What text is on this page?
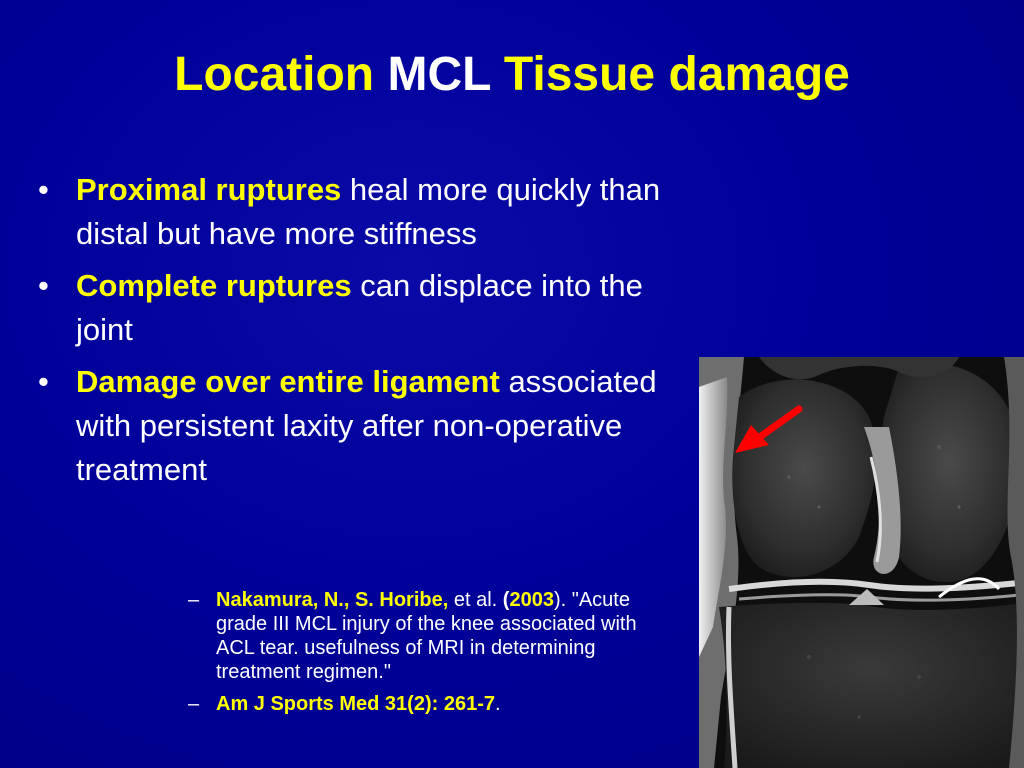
Location MCL Tissue damage
• Proximal ruptures heal more quickly than distal but have more stiffness
• Complete ruptures can displace into the joint
• Damage over entire ligament associated with persistent laxity after non-operative treatment
– Nakamura, N., S. Horibe, et al. (2003). "Acute grade III MCL injury of the knee associated with ACL tear. usefulness of MRI in determining treatment regimen."
– Am J Sports Med 31(2): 261-7.
